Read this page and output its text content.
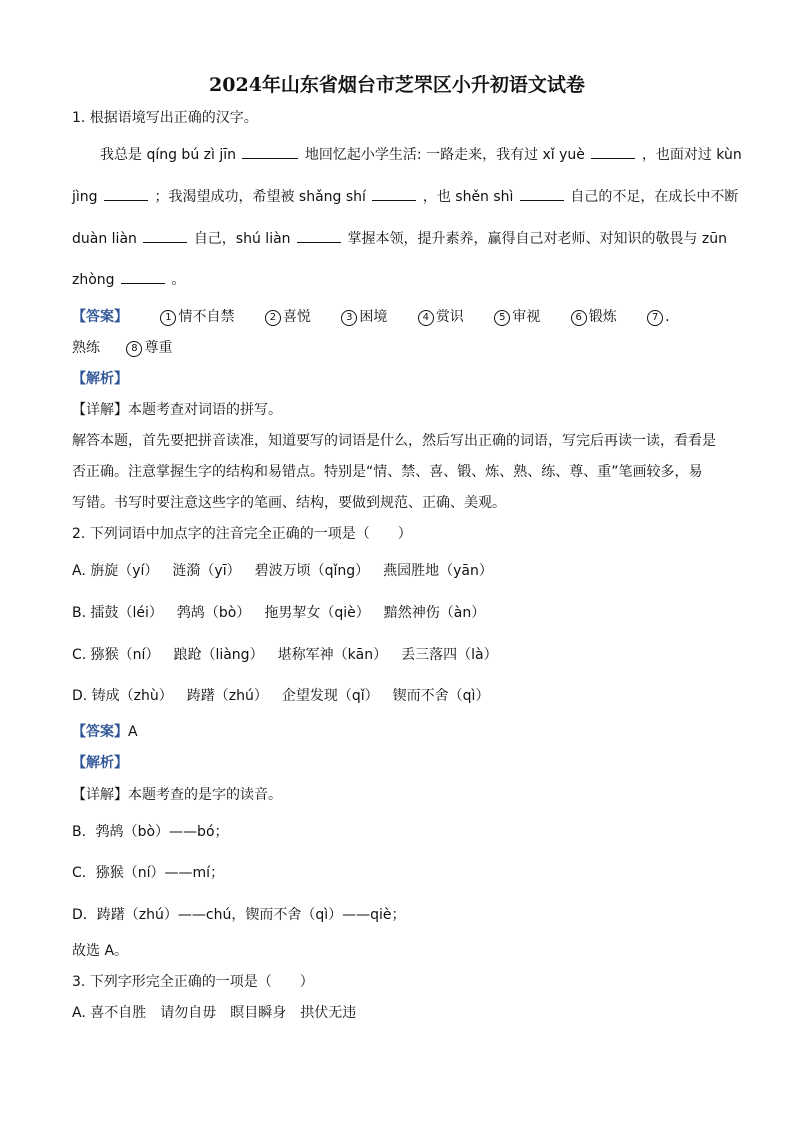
2024年山东省烟台市芝罘区小升初语文试卷
1. 根据语境写出正确的汉字。
我总是 qíng bú zì jīn	地回忆起小学生活: 一路走来，我有过 xǐ yuè	，也面对过 kùn
jìng	；我渴望成功，希望被 shǎng shí	，也 shěn shì	自己的不足，在成长中不断
duàn liàn	自己，shú liàn	掌握本领，提升素养，赢得自己对老师、对知识的敬畏与 zūn
zhòng	。
【答案】	1 情不自禁	2 喜悦	3 困境	4 赏识	5 审视	6 锻炼	7 .
熟练	8 尊重
【解析】
【详解】本题考查对词语的拼写。
解答本题，首先要把拼音读准，知道要写的词语是什么，然后写出正确的词语，写完后再读一读，看看是
否正确。注意掌握生字的结构和易错点。特别是“情、禁、喜、锻、炼、熟、练、尊、重”笔画较多，易
写错。书写时要注意这些字的笔画、结构，要做到规范、正确、美观。
2. 下列词语中加点字的注音完全正确的一项是（　　）
A. 旃旋（yí） 涟漪（yī） 碧波万顷（qǐng） 燕园胜地（yān）
B. 擂鼓（léi） 鹁鸪（bò） 拖男挈女（qiè） 黯然神伤（àn）
C. 猕猴（ní） 踉跄（liàng） 堪称军神（kān） 丢三落四（là）
D. 铸成（zhù） 踌躇（zhú） 企望发现（qǐ） 锲而不舍（qì）
【答案】A
【解析】
【详解】本题考查的是字的读音。
B．鹁鸪（bò）——bó；
C．猕猴（ní）——mí；
D．踌躇（zhú）——chú，锲而不舍（qì）——qiè；
故选 A。
3. 下列字形完全正确的一项是（　　）
A. 喜不自胜 请勿自毋 瞑目瞬身 拱伏无违
